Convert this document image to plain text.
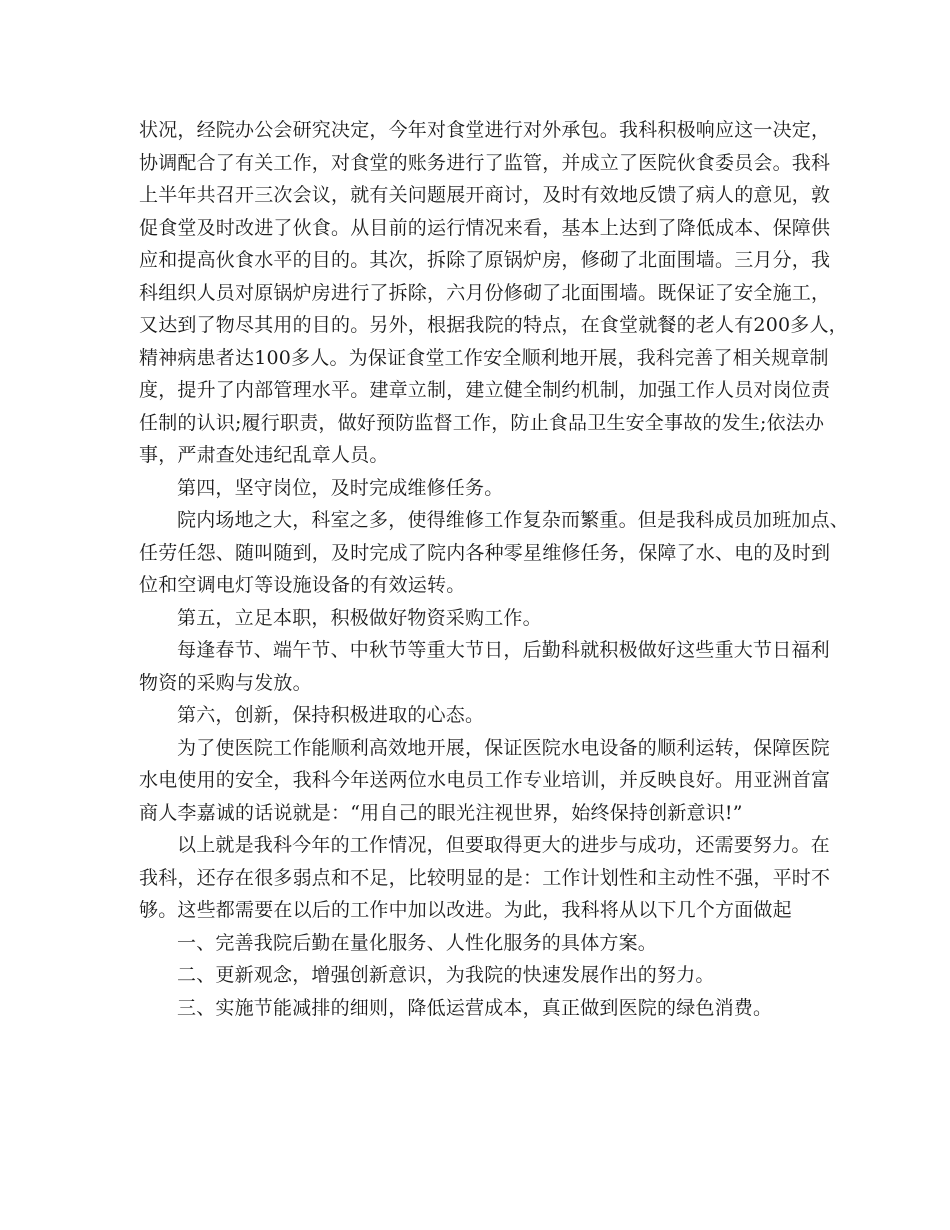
状况，经院办公会研究决定，今年对食堂进行对外承包。我科积极响应这一决定，
协调配合了有关工作，对食堂的账务进行了监管，并成立了医院伙食委员会。我科
上半年共召开三次会议，就有关问题展开商讨，及时有效地反馈了病人的意见，敦
促食堂及时改进了伙食。从目前的运行情况来看，基本上达到了降低成本、保障供
应和提高伙食水平的目的。其次，拆除了原锅炉房，修砌了北面围墙。三月分，我
科组织人员对原锅炉房进行了拆除，六月份修砌了北面围墙。既保证了安全施工，
又达到了物尽其用的目的。另外，根据我院的特点，在食堂就餐的老人有200多人，
精神病患者达100多人。为保证食堂工作安全顺利地开展，我科完善了相关规章制
度，提升了内部管理水平。建章立制，建立健全制约机制，加强工作人员对岗位责
任制的认识;履行职责，做好预防监督工作，防止食品卫生安全事故的发生;依法办
事，严肃查处违纪乱章人员。
第四，坚守岗位，及时完成维修任务。
院内场地之大，科室之多，使得维修工作复杂而繁重。但是我科成员加班加点、
任劳任怨、随叫随到，及时完成了院内各种零星维修任务，保障了水、电的及时到
位和空调电灯等设施设备的有效运转。
第五，立足本职，积极做好物资采购工作。
每逢春节、端午节、中秋节等重大节日，后勤科就积极做好这些重大节日福利
物资的采购与发放。
第六，创新，保持积极进取的心态。
为了使医院工作能顺利高效地开展，保证医院水电设备的顺利运转，保障医院
水电使用的安全，我科今年送两位水电员工作专业培训，并反映良好。用亚洲首富
商人李嘉诚的话说就是：“用自己的眼光注视世界，始终保持创新意识!”
以上就是我科今年的工作情况，但要取得更大的进步与成功，还需要努力。在
我科，还存在很多弱点和不足，比较明显的是：工作计划性和主动性不强，平时不
够。这些都需要在以后的工作中加以改进。为此，我科将从以下几个方面做起
一、完善我院后勤在量化服务、人性化服务的具体方案。
二、更新观念，增强创新意识，为我院的快速发展作出的努力。
三、实施节能减排的细则，降低运营成本，真正做到医院的绿色消费。
